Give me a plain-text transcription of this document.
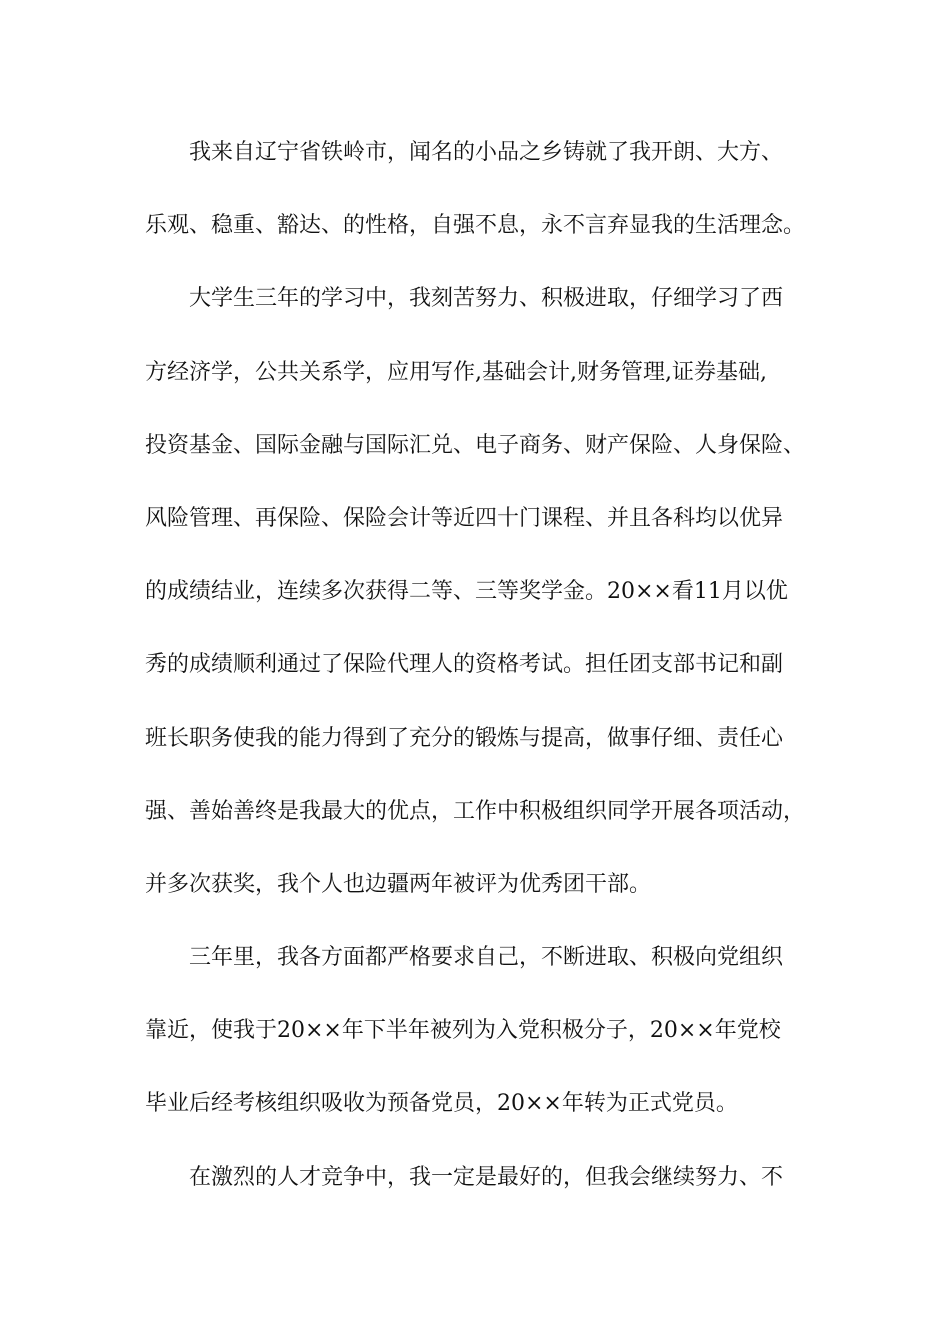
我来自辽宁省铁岭市，闻名的小品之乡铸就了我开朗、大方、
乐观、稳重、豁达、的性格，自强不息，永不言弃显我的生活理念。
大学生三年的学习中，我刻苦努力、积极进取，仔细学习了西
方经济学，公共关系学，应用写作,基础会计,财务管理,证券基础,
投资基金、国际金融与国际汇兑、电子商务、财产保险、人身保险、
风险管理、再保险、保险会计等近四十门课程、并且各科均以优异
的成绩结业，连续多次获得二等、三等奖学金。20××看11月以优
秀的成绩顺利通过了保险代理人的资格考试。担任团支部书记和副
班长职务使我的能力得到了充分的锻炼与提高，做事仔细、责任心
强、善始善终是我最大的优点，工作中积极组织同学开展各项活动，
并多次获奖，我个人也边疆两年被评为优秀团干部。
三年里，我各方面都严格要求自己，不断进取、积极向党组织
靠近，使我于20××年下半年被列为入党积极分子，20××年党校
毕业后经考核组织吸收为预备党员，20××年转为正式党员。
在激烈的人才竞争中，我一定是最好的，但我会继续努力、不
